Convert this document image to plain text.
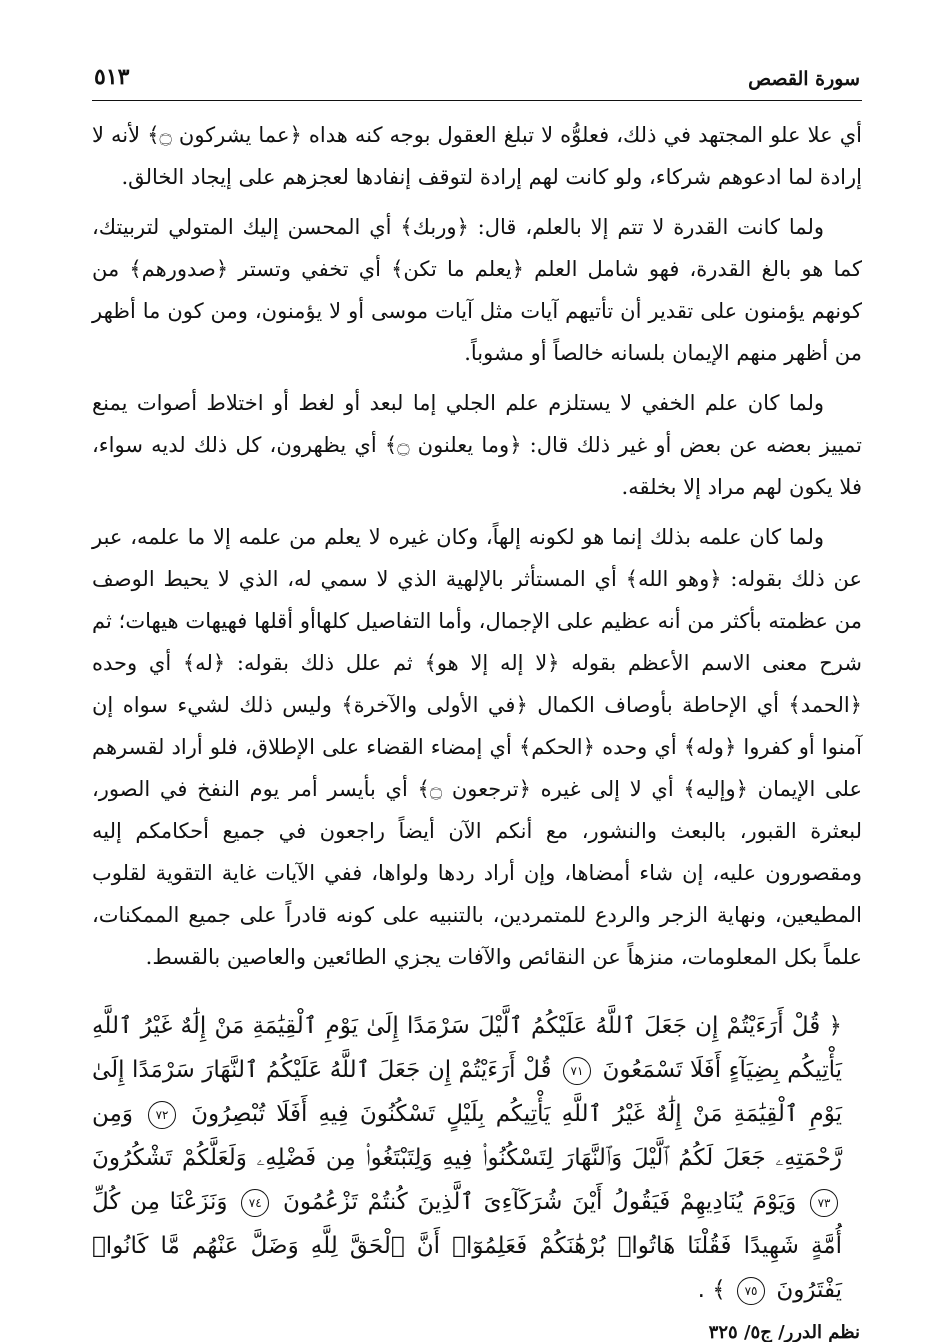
سورة القصص
٥١٣

أي علا علو المجتهد في ذلك، فعلوُّه لا تبلغ العقول بوجه كنه هداه ﴿عما يشركون ۝﴾ لأنه لا إرادة لما ادعوهم شركاء، ولو كانت لهم إرادة لتوقف إنفادها لعجزهم على إيجاد الخالق.

ولما كانت القدرة لا تتم إلا بالعلم، قال: ﴿وربك﴾ أي المحسن إليك المتولي لتربيتك، كما هو بالغ القدرة، فهو شامل العلم ﴿يعلم ما تكن﴾ أي تخفي وتستر ﴿صدورهم﴾ من كونهم يؤمنون على تقدير أن تأتيهم آيات مثل آيات موسى أو لا يؤمنون، ومن كون ما أظهر من أظهر منهم الإيمان بلسانه خالصاً أو مشوباً.

ولما كان علم الخفي لا يستلزم علم الجلي إما لبعد أو لغط أو اختلاط أصوات يمنع تمييز بعضه عن بعض أو غير ذلك قال: ﴿وما يعلنون ۝﴾ أي يظهرون، كل ذلك لديه سواء، فلا يكون لهم مراد إلا بخلقه.

ولما كان علمه بذلك إنما هو لكونه إلهاً، وكان غيره لا يعلم من علمه إلا ما علمه، عبر عن ذلك بقوله: ﴿وهو الله﴾ أي المستأثر بالإلهية الذي لا سمي له، الذي لا يحيط الوصف من عظمته بأكثر من أنه عظيم على الإجمال، وأما التفاصيل كلهاأو أقلها فهيهات هيهات؛ ثم شرح معنى الاسم الأعظم بقوله ﴿لا إله إلا هو﴾ ثم علل ذلك بقوله: ﴿له﴾ أي وحده ﴿الحمد﴾ أي الإحاطة بأوصاف الكمال ﴿في الأولى والآخرة﴾ وليس ذلك لشيء سواه إن آمنوا أو كفروا ﴿وله﴾ أي وحده ﴿الحكم﴾ أي إمضاء القضاء على الإطلاق، فلو أراد لقسرهم على الإيمان ﴿وإليه﴾ أي لا إلى غيره ﴿ترجعون ۝﴾ أي بأيسر أمر يوم النفخ في الصور، لبعثرة القبور، بالبعث والنشور، مع أنكم الآن أيضاً راجعون في جميع أحكامكم إليه ومقصورون عليه، إن شاء أمضاها، وإن أراد ردها ولواها، ففي الآيات غاية التقوية لقلوب المطيعين، ونهاية الزجر والردع للمتمردين، بالتنبيه على كونه قادراً على جميع الممكنات، علماً بكل المعلومات، منزهاً عن النقائص والآفات يجزي الطائعين والعاصين بالقسط.

﴿ قُلْ أَرَءَيْتُمْ إِن جَعَلَ ٱللَّهُ عَلَيْكُمُ ٱلَّيْلَ سَرْمَدًا إِلَىٰ يَوْمِ ٱلْقِيَٰمَةِ مَنْ إِلَٰهٌ غَيْرُ ٱللَّهِ يَأْتِيكُم بِضِيَآءٍ أَفَلَا تَسْمَعُونَ ٧١ قُلْ أَرَءَيْتُمْ إِن جَعَلَ ٱللَّهُ عَلَيْكُمُ ٱلنَّهَارَ سَرْمَدًا إِلَىٰ يَوْمِ ٱلْقِيَٰمَةِ مَنْ إِلَٰهٌ غَيْرُ ٱللَّهِ يَأْتِيكُم بِلَيْلٍ تَسْكُنُونَ فِيهِ أَفَلَا تُبْصِرُونَ ٧٢ وَمِن رَّحْمَتِهِۦ جَعَلَ لَكُمُ ٱلَّيْلَ وَٱلنَّهَارَ لِتَسْكُنُوا۟ فِيهِ وَلِتَبْتَغُوا۟ مِن فَضْلِهِۦ وَلَعَلَّكُمْ تَشْكُرُونَ ٧٣ وَيَوْمَ يُنَادِيهِمْ فَيَقُولُ أَيْنَ شُرَكَآءِىَ ٱلَّذِينَ كُنتُمْ تَزْعُمُونَ ٧٤ وَنَزَعْنَا مِن كُلِّ أُمَّةٍ شَهِيدًا فَقُلْنَا هَاتُوا۟ بُرْهَٰنَكُمْ فَعَلِمُوٓا۟ أَنَّ ٱلْحَقَّ لِلَّهِ وَضَلَّ عَنْهُم مَّا كَانُوا۟ يَفْتَرُونَ ٧٥ ﴾ .
نظم الدرر/ ج٥/ ٣٢٥
